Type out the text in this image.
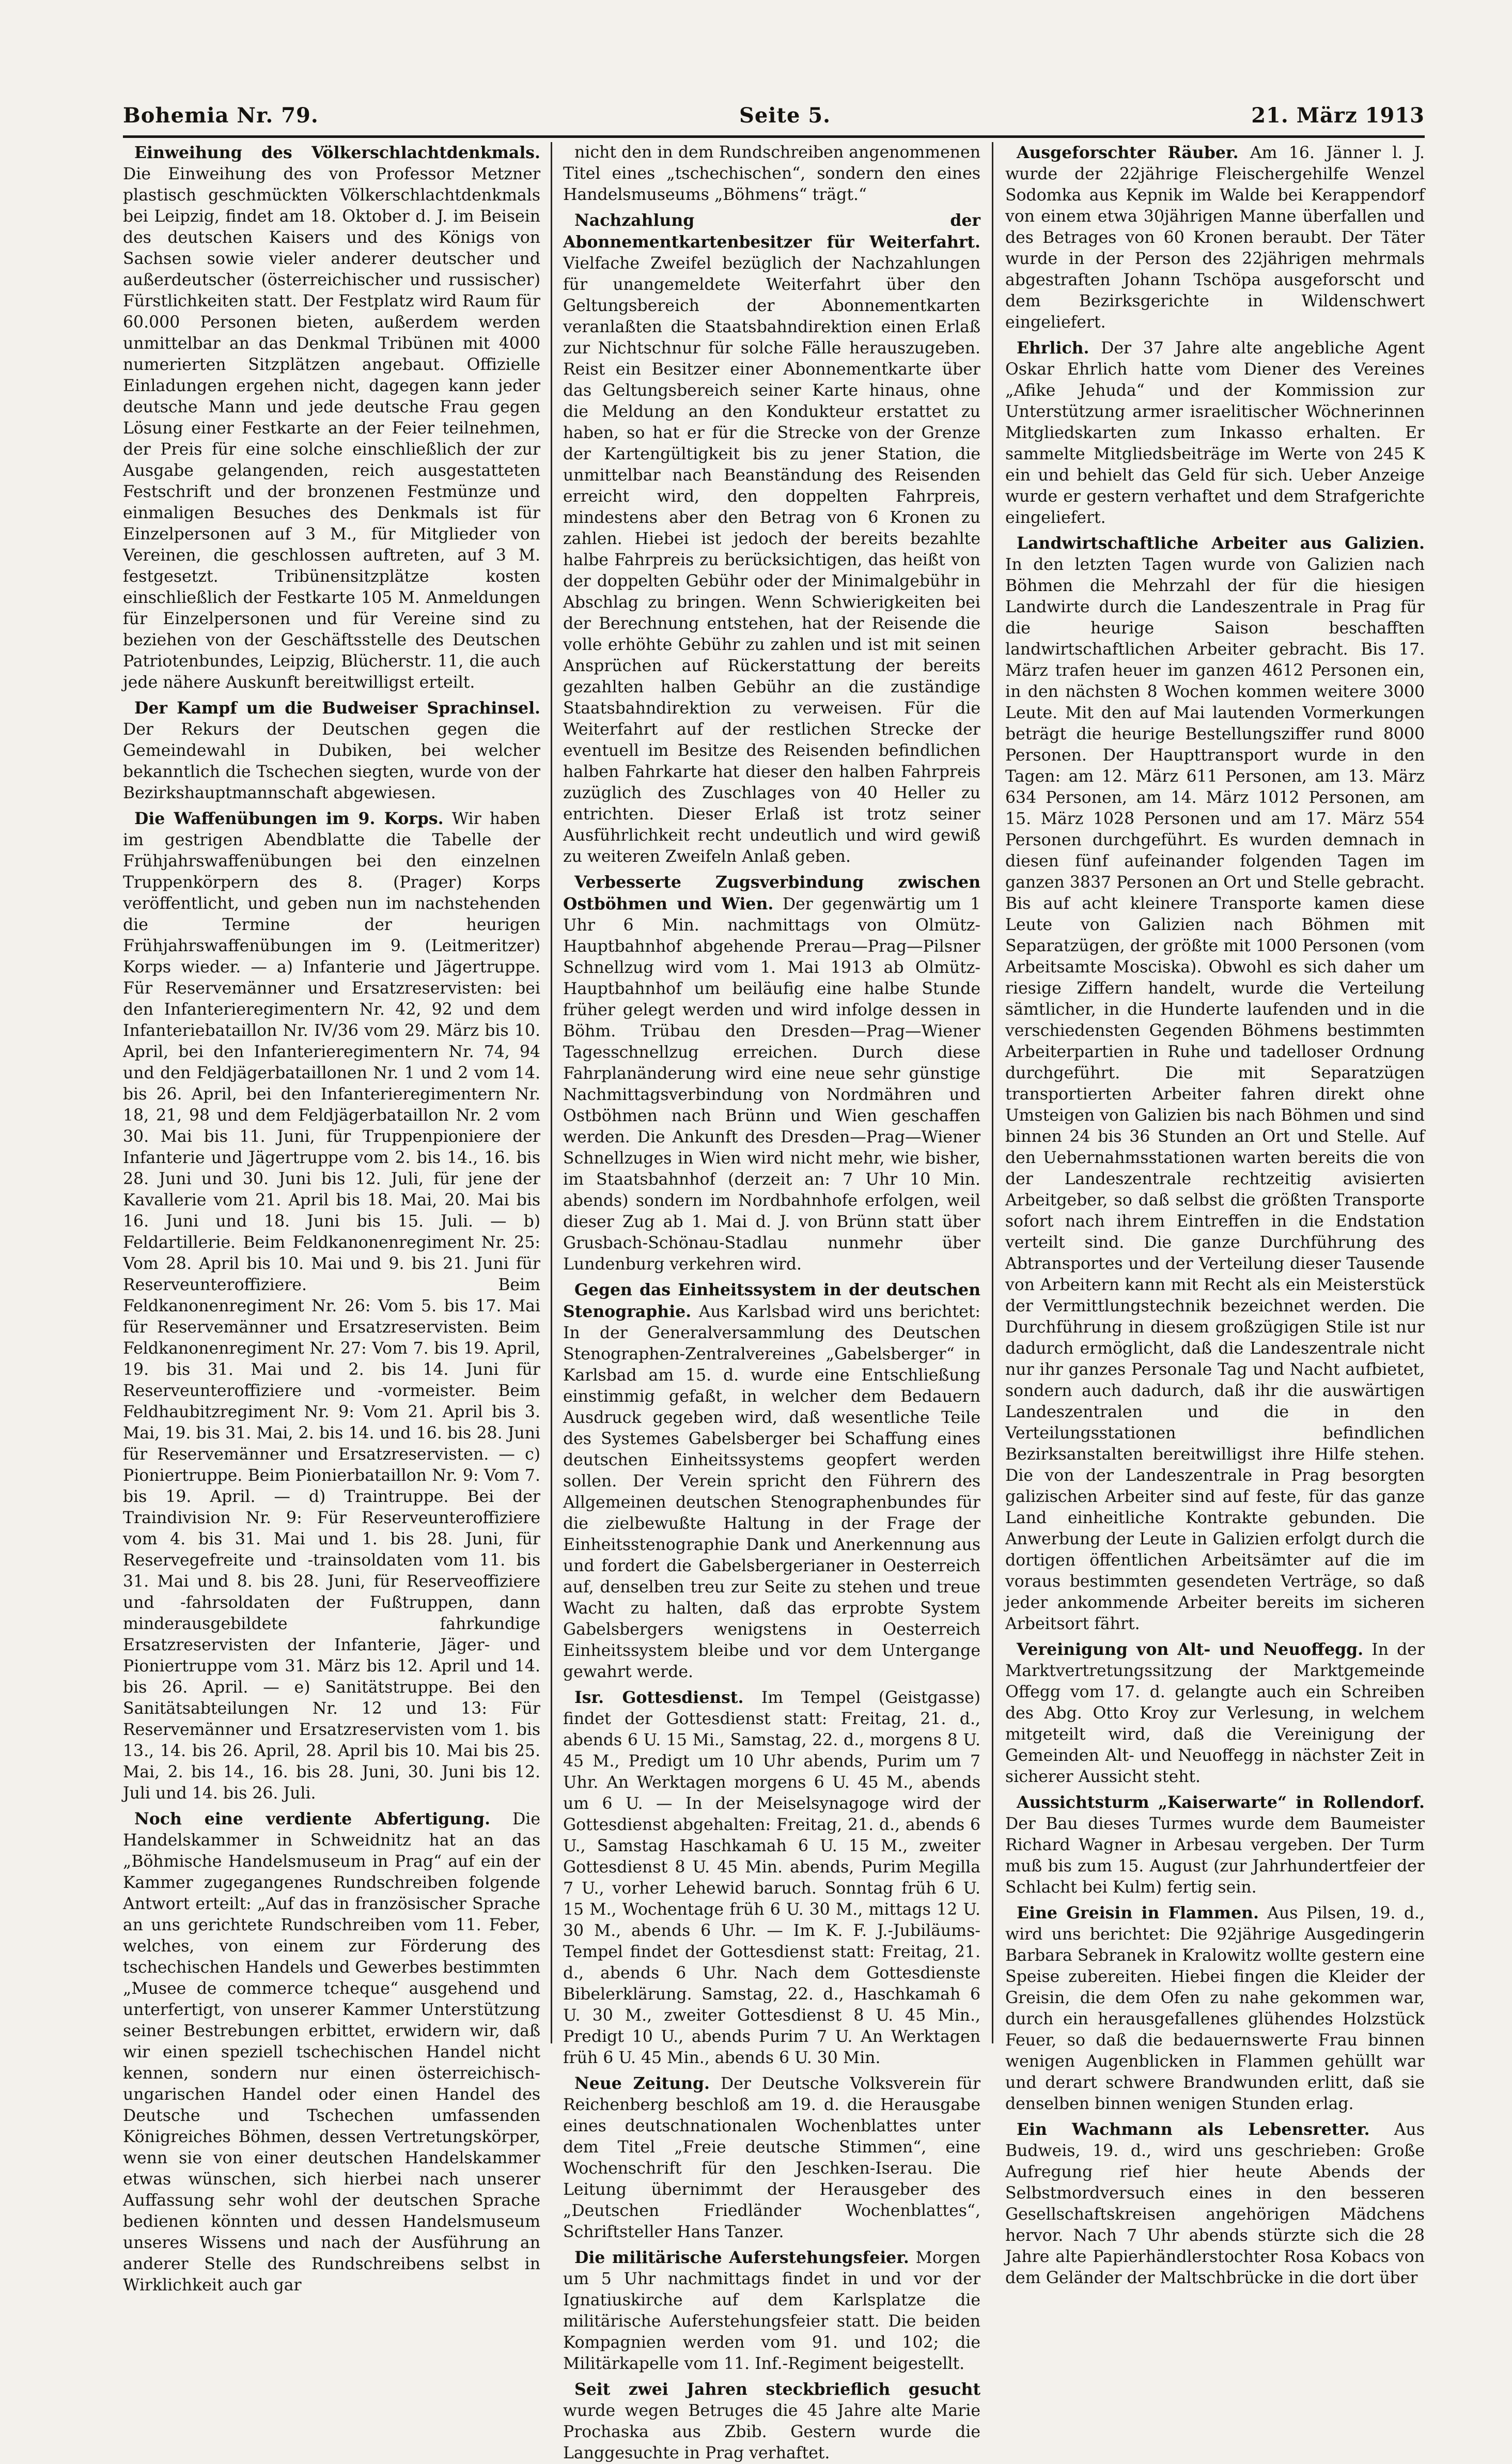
Bohemia Nr. 79.	Seite 5.	21. März 1913

Einweihung des Völkerschlachtdenkmals. Die Einweihung des von Professor Metzner plastisch geschmückten Völkerschlachtdenkmals bei Leipzig, findet am 18. Oktober d. J. im Beisein des deutschen Kaisers und des Königs von Sachsen sowie vieler anderer deutscher und außerdeutscher (österreichischer und russischer) Fürstlichkeiten statt. Der Festplatz wird Raum für 60.000 Personen bieten, außerdem werden unmittelbar an das Denkmal Tribünen mit 4000 numerierten Sitzplätzen angebaut. Offizielle Einladungen ergehen nicht, dagegen kann jeder deutsche Mann und jede deutsche Frau gegen Lösung einer Festkarte an der Feier teilnehmen, der Preis für eine solche einschließlich der zur Ausgabe gelangenden, reich ausgestatteten Festschrift und der bronzenen Festmünze und einmaligen Besuches des Denkmals ist für Einzelpersonen auf 3 M., für Mitglieder von Vereinen, die geschlossen auftreten, auf 3 M. festgesetzt. Tribünensitzplätze kosten einschließlich der Festkarte 105 M. Anmeldungen für Einzelpersonen und für Vereine sind zu beziehen von der Geschäftsstelle des Deutschen Patriotenbundes, Leipzig, Blücherstr. 11, die auch jede nähere Auskunft bereitwilligst erteilt.

Der Kampf um die Budweiser Sprachinsel. Der Rekurs der Deutschen gegen die Gemeindewahl in Dubiken, bei welcher bekanntlich die Tschechen siegten, wurde von der Bezirkshauptmannschaft abgewiesen.

Die Waffenübungen im 9. Korps. Wir haben im gestrigen Abendblatte die Tabelle der Frühjahrswaffenübungen bei den einzelnen Truppenkörpern des 8. (Prager) Korps veröffentlicht, und geben nun im nachstehenden die Termine der heurigen Frühjahrswaffenübungen im 9. (Leitmeritzer) Korps wieder. — a) Infanterie und Jägertruppe. Für Reservemänner und Ersatzreservisten: bei den Infanterieregimentern Nr. 42, 92 und dem Infanteriebataillon Nr. IV/36 vom 29. März bis 10. April, bei den Infanterieregimentern Nr. 74, 94 und den Feldjägerbataillonen Nr. 1 und 2 vom 14. bis 26. April, bei den Infanterieregimentern Nr. 18, 21, 98 und dem Feldjägerbataillon Nr. 2 vom 30. Mai bis 11. Juni, für Truppenpioniere der Infanterie und Jägertruppe vom 2. bis 14., 16. bis 28. Juni und 30. Juni bis 12. Juli, für jene der Kavallerie vom 21. April bis 18. Mai, 20. Mai bis 16. Juni und 18. Juni bis 15. Juli. — b) Feldartillerie. Beim Feldkanonenregiment Nr. 25: Vom 28. April bis 10. Mai und 9. bis 21. Juni für Reserveunteroffiziere. Beim Feldkanonenregiment Nr. 26: Vom 5. bis 17. Mai für Reservemänner und Ersatzreservisten. Beim Feldkanonenregiment Nr. 27: Vom 7. bis 19. April, 19. bis 31. Mai und 2. bis 14. Juni für Reserveunteroffiziere und -vormeister. Beim Feldhaubitzregiment Nr. 9: Vom 21. April bis 3. Mai, 19. bis 31. Mai, 2. bis 14. und 16. bis 28. Juni für Reservemänner und Ersatzreservisten. — c) Pioniertruppe. Beim Pionierbataillon Nr. 9: Vom 7. bis 19. April. — d) Traintruppe. Bei der Traindivision Nr. 9: Für Reserveunteroffiziere vom 4. bis 31. Mai und 1. bis 28. Juni, für Reservegefreite und -trainsoldaten vom 11. bis 31. Mai und 8. bis 28. Juni, für Reserveoffiziere und -fahrsoldaten der Fußtruppen, dann minderausgebildete fahrkundige Ersatzreservisten der Infanterie, Jäger- und Pioniertruppe vom 31. März bis 12. April und 14. bis 26. April. — e) Sanitätstruppe. Bei den Sanitätsabteilungen Nr. 12 und 13: Für Reservemänner und Ersatzreservisten vom 1. bis 13., 14. bis 26. April, 28. April bis 10. Mai bis 25. Mai, 2. bis 14., 16. bis 28. Juni, 30. Juni bis 12. Juli und 14. bis 26. Juli.

Noch eine verdiente Abfertigung. Die Handelskammer in Schweidnitz hat an das „Böhmische Handelsmuseum in Prag“ auf ein der Kammer zugegangenes Rundschreiben folgende Antwort erteilt: „Auf das in französischer Sprache an uns gerichtete Rundschreiben vom 11. Feber, welches, von einem zur Förderung des tschechischen Handels und Gewerbes bestimmten „Musee de commerce tcheque“ ausgehend und unterfertigt, von unserer Kammer Unterstützung seiner Bestrebungen erbittet, erwidern wir, daß wir einen speziell tschechischen Handel nicht kennen, sondern nur einen österreichisch-ungarischen Handel oder einen Handel des Deutsche und Tschechen umfassenden Königreiches Böhmen, dessen Vertretungskörper, wenn sie von einer deutschen Handelskammer etwas wünschen, sich hierbei nach unserer Auffassung sehr wohl der deutschen Sprache bedienen könnten und dessen Handelsmuseum unseres Wissens und nach der Ausführung an anderer Stelle des Rundschreibens selbst in Wirklichkeit auch gar

nicht den in dem Rundschreiben angenommenen Titel eines „tschechischen“, sondern den eines Handelsmuseums „Böhmens“ trägt.“

Nachzahlung der Abonnementkartenbesitzer für Weiterfahrt. Vielfache Zweifel bezüglich der Nachzahlungen für unangemeldete Weiterfahrt über den Geltungsbereich der Abonnementkarten veranlaßten die Staatsbahndirektion einen Erlaß zur Nichtschnur für solche Fälle herauszugeben. Reist ein Besitzer einer Abonnementkarte über das Geltungsbereich seiner Karte hinaus, ohne die Meldung an den Kondukteur erstattet zu haben, so hat er für die Strecke von der Grenze der Kartengültigkeit bis zu jener Station, die unmittelbar nach Beanständung des Reisenden erreicht wird, den doppelten Fahrpreis, mindestens aber den Betrag von 6 Kronen zu zahlen. Hiebei ist jedoch der bereits bezahlte halbe Fahrpreis zu berücksichtigen, das heißt von der doppelten Gebühr oder der Minimalgebühr in Abschlag zu bringen. Wenn Schwierigkeiten bei der Berechnung entstehen, hat der Reisende die volle erhöhte Gebühr zu zahlen und ist mit seinen Ansprüchen auf Rückerstattung der bereits gezahlten halben Gebühr an die zuständige Staatsbahndirektion zu verweisen. Für die Weiterfahrt auf der restlichen Strecke der eventuell im Besitze des Reisenden befindlichen halben Fahrkarte hat dieser den halben Fahrpreis zuzüglich des Zuschlages von 40 Heller zu entrichten. Dieser Erlaß ist trotz seiner Ausführlichkeit recht undeutlich und wird gewiß zu weiteren Zweifeln Anlaß geben.

Verbesserte Zugsverbindung zwischen Ostböhmen und Wien. Der gegenwärtig um 1 Uhr 6 Min. nachmittags von Olmütz-Hauptbahnhof abgehende Prerau—Prag—Pilsner Schnellzug wird vom 1. Mai 1913 ab Olmütz-Hauptbahnhof um beiläufig eine halbe Stunde früher gelegt werden und wird infolge dessen in Böhm. Trübau den Dresden—Prag—Wiener Tagesschnellzug erreichen. Durch diese Fahrplanänderung wird eine neue sehr günstige Nachmittagsverbindung von Nordmähren und Ostböhmen nach Brünn und Wien geschaffen werden. Die Ankunft des Dresden—Prag—Wiener Schnellzuges in Wien wird nicht mehr, wie bisher, im Staatsbahnhof (derzeit an: 7 Uhr 10 Min. abends) sondern im Nordbahnhofe erfolgen, weil dieser Zug ab 1. Mai d. J. von Brünn statt über Grusbach-Schönau-Stadlau nunmehr über Lundenburg verkehren wird.

Gegen das Einheitssystem in der deutschen Stenographie. Aus Karlsbad wird uns berichtet: In der Generalversammlung des Deutschen Stenographen-Zentralvereines „Gabelsberger“ in Karlsbad am 15. d. wurde eine Entschließung einstimmig gefaßt, in welcher dem Bedauern Ausdruck gegeben wird, daß wesentliche Teile des Systemes Gabelsberger bei Schaffung eines deutschen Einheitssystems geopfert werden sollen. Der Verein spricht den Führern des Allgemeinen deutschen Stenographenbundes für die zielbewußte Haltung in der Frage der Einheitsstenographie Dank und Anerkennung aus und fordert die Gabelsbergerianer in Oesterreich auf, denselben treu zur Seite zu stehen und treue Wacht zu halten, daß das erprobte System Gabelsbergers wenigstens in Oesterreich Einheitssystem bleibe und vor dem Untergange gewahrt werde.

Isr. Gottesdienst. Im Tempel (Geistgasse) findet der Gottesdienst statt: Freitag, 21. d., abends 6 U. 15 Mi., Samstag, 22. d., morgens 8 U. 45 M., Predigt um 10 Uhr abends, Purim um 7 Uhr. An Werktagen morgens 6 U. 45 M., abends um 6 U. — In der Meiselsynagoge wird der Gottesdienst abgehalten: Freitag, 21. d., abends 6 U., Samstag Haschkamah 6 U. 15 M., zweiter Gottesdienst 8 U. 45 Min. abends, Purim Megilla 7 U., vorher Lehewid baruch. Sonntag früh 6 U. 15 M., Wochentage früh 6 U. 30 M., mittags 12 U. 30 M., abends 6 Uhr. — Im K. F. J.-Jubiläums-Tempel findet der Gottesdienst statt: Freitag, 21. d., abends 6 Uhr. Nach dem Gottesdienste Bibelerklärung. Samstag, 22. d., Haschkamah 6 U. 30 M., zweiter Gottesdienst 8 U. 45 Min., Predigt 10 U., abends Purim 7 U. An Werktagen früh 6 U. 45 Min., abends 6 U. 30 Min.

Neue Zeitung. Der Deutsche Volksverein für Reichenberg beschloß am 19. d. die Herausgabe eines deutschnationalen Wochenblattes unter dem Titel „Freie deutsche Stimmen“, eine Wochenschrift für den Jeschken-Iserau. Die Leitung übernimmt der Herausgeber des „Deutschen Friedländer Wochenblattes“, Schriftsteller Hans Tanzer.

Die militärische Auferstehungsfeier. Morgen um 5 Uhr nachmittags findet in und vor der Ignatiuskirche auf dem Karlsplatze die militärische Auferstehungsfeier statt. Die beiden Kompagnien werden vom 91. und 102; die Militärkapelle vom 11. Inf.-Regiment beigestellt.

Seit zwei Jahren steckbrieflich gesucht wurde wegen Betruges die 45 Jahre alte Marie Prochaska aus Zbib. Gestern wurde die Langgesuchte in Prag verhaftet.

Ausgeforschter Räuber. Am 16. Jänner l. J. wurde der 22jährige Fleischergehilfe Wenzel Sodomka aus Kepnik im Walde bei Kerappendorf von einem etwa 30jährigen Manne überfallen und des Betrages von 60 Kronen beraubt. Der Täter wurde in der Person des 22jährigen mehrmals abgestraften Johann Tschöpa ausgeforscht und dem Bezirksgerichte in Wildenschwert eingeliefert.

Ehrlich. Der 37 Jahre alte angebliche Agent Oskar Ehrlich hatte vom Diener des Vereines „Afike Jehuda“ und der Kommission zur Unterstützung armer israelitischer Wöchnerinnen Mitgliedskarten zum Inkasso erhalten. Er sammelte Mitgliedsbeiträge im Werte von 245 K ein und behielt das Geld für sich. Ueber Anzeige wurde er gestern verhaftet und dem Strafgerichte eingeliefert.

Landwirtschaftliche Arbeiter aus Galizien. In den letzten Tagen wurde von Galizien nach Böhmen die Mehrzahl der für die hiesigen Landwirte durch die Landeszentrale in Prag für die heurige Saison beschafften landwirtschaftlichen Arbeiter gebracht. Bis 17. März trafen heuer im ganzen 4612 Personen ein, in den nächsten 8 Wochen kommen weitere 3000 Leute. Mit den auf Mai lautenden Vormerkungen beträgt die heurige Bestellungsziffer rund 8000 Personen. Der Haupttransport wurde in den Tagen: am 12. März 611 Personen, am 13. März 634 Personen, am 14. März 1012 Personen, am 15. März 1028 Personen und am 17. März 554 Personen durchgeführt. Es wurden demnach in diesen fünf aufeinander folgenden Tagen im ganzen 3837 Personen an Ort und Stelle gebracht. Bis auf acht kleinere Transporte kamen diese Leute von Galizien nach Böhmen mit Separatzügen, der größte mit 1000 Personen (vom Arbeitsamte Mosciska). Obwohl es sich daher um riesige Ziffern handelt, wurde die Verteilung sämtlicher, in die Hunderte laufenden und in die verschiedensten Gegenden Böhmens bestimmten Arbeiterpartien in Ruhe und tadelloser Ordnung durchgeführt. Die mit Separatzügen transportierten Arbeiter fahren direkt ohne Umsteigen von Galizien bis nach Böhmen und sind binnen 24 bis 36 Stunden an Ort und Stelle. Auf den Uebernahmsstationen warten bereits die von der Landeszentrale rechtzeitig avisierten Arbeitgeber, so daß selbst die größten Transporte sofort nach ihrem Eintreffen in die Endstation verteilt sind. Die ganze Durchführung des Abtransportes und der Verteilung dieser Tausende von Arbeitern kann mit Recht als ein Meisterstück der Vermittlungstechnik bezeichnet werden. Die Durchführung in diesem großzügigen Stile ist nur dadurch ermöglicht, daß die Landeszentrale nicht nur ihr ganzes Personale Tag und Nacht aufbietet, sondern auch dadurch, daß ihr die auswärtigen Landeszentralen und die in den Verteilungsstationen befindlichen Bezirksanstalten bereitwilligst ihre Hilfe stehen. Die von der Landeszentrale in Prag besorgten galizischen Arbeiter sind auf feste, für das ganze Land einheitliche Kontrakte gebunden. Die Anwerbung der Leute in Galizien erfolgt durch die dortigen öffentlichen Arbeitsämter auf die im voraus bestimmten gesendeten Verträge, so daß jeder ankommende Arbeiter bereits im sicheren Arbeitsort fährt.

Vereinigung von Alt- und Neuoffegg. In der Marktvertretungssitzung der Marktgemeinde Offegg vom 17. d. gelangte auch ein Schreiben des Abg. Otto Kroy zur Verlesung, in welchem mitgeteilt wird, daß die Vereinigung der Gemeinden Alt- und Neuoffegg in nächster Zeit in sicherer Aussicht steht.

Aussichtsturm „Kaiserwarte“ in Rollendorf. Der Bau dieses Turmes wurde dem Baumeister Richard Wagner in Arbesau vergeben. Der Turm muß bis zum 15. August (zur Jahrhundertfeier der Schlacht bei Kulm) fertig sein.

Eine Greisin in Flammen. Aus Pilsen, 19. d., wird uns berichtet: Die 92jährige Ausgedingerin Barbara Sebranek in Kralowitz wollte gestern eine Speise zubereiten. Hiebei fingen die Kleider der Greisin, die dem Ofen zu nahe gekommen war, durch ein herausgefallenes glühendes Holzstück Feuer, so daß die bedauernswerte Frau binnen wenigen Augenblicken in Flammen gehüllt war und derart schwere Brandwunden erlitt, daß sie denselben binnen wenigen Stunden erlag.

Ein Wachmann als Lebensretter. Aus Budweis, 19. d., wird uns geschrieben: Große Aufregung rief hier heute Abends der Selbstmordversuch eines in den besseren Gesellschaftskreisen angehörigen Mädchens hervor. Nach 7 Uhr abends stürzte sich die 28 Jahre alte Papierhändlerstochter Rosa Kobacs von dem Geländer der Maltschbrücke in die dort über
